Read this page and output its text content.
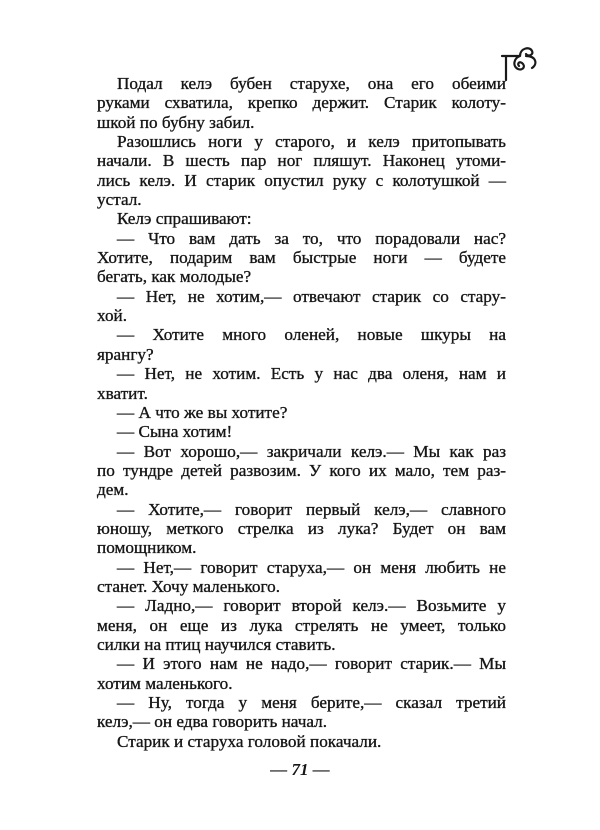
Подал келэ бубен старухе, она его обеими
руками схватила, крепко держит. Старик колоту-
шкой по бубну забил.
Разошлись ноги у старого, и келэ притопывать
начали. В шесть пар ног пляшут. Наконец утоми-
лись келэ. И старик опустил руку с колотушкой —
устал.
Келэ спрашивают:
— Что вам дать за то, что порадовали нас?
Хотите, подарим вам быстрые ноги — будете
бегать, как молодые?
— Нет, не хотим,— отвечают старик со стару-
хой.
— Хотите много оленей, новые шкуры на
ярангу?
— Нет, не хотим. Есть у нас два оленя, нам и
хватит.
— А что же вы хотите?
— Сына хотим!
— Вот хорошо,— закричали келэ.— Мы как раз
по тундре детей развозим. У кого их мало, тем раз-
дем.
— Хотите,— говорит первый келэ,— славного
юношу, меткого стрелка из лука? Будет он вам
помощником.
— Нет,— говорит старуха,— он меня любить не
станет. Хочу маленького.
— Ладно,— говорит второй келэ.— Возьмите у
меня, он еще из лука стрелять не умеет, только
силки на птиц научился ставить.
— И этого нам не надо,— говорит старик.— Мы
хотим маленького.
— Ну, тогда у меня берите,— сказал третий
келэ,— он едва говорить начал.
Старик и старуха головой покачали.
— 71 —
